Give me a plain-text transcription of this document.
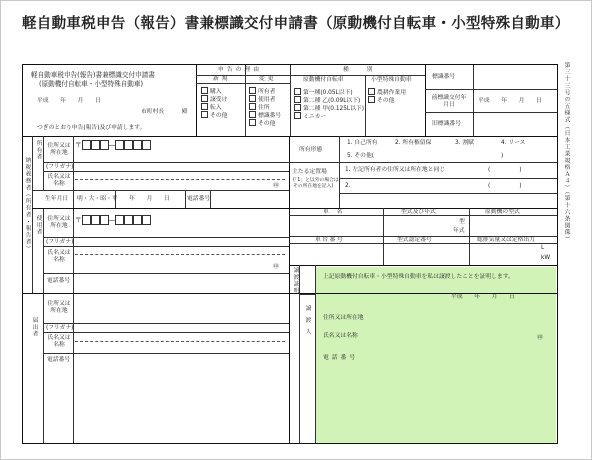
軽自動車税申告（報告）書兼標識交付申請書（原動機付自転車・小型特殊自動車）
第三十三号の五様式（日本工業規格Ａ４）（第十六条関係）
軽自動車税申告(報告)書兼標識交付申請書
(原動機付自転車・小型特殊自動車)
平成　　年　　月　　日
市町村長　　　殿
つぎのとおり申告(報告)及び申請します。
申告の理由
新規	変更
購入
譲受け
転入
その他
所有者
使用者
住所
標識番号
その他
種別
原動機付自転車	小型特殊自動車
第一種(0.05L以下)
第二種 乙(0.09L以下)
第二種 甲(0.125L以下)
ミニカー
農耕作業用
その他
標識番号
前標識交付年月日
平成　　年　　月　　日
旧標識番号
納税義務者（所有者・報告者）
所有者
使用者
届出者
住所又は所在地
〒	―
(フリガナ)
氏名又は名称	㊞
生年月日 明・大・昭・平　　年　　月　　日	電話番号
住所又は所在地
〒	―
(フリガナ)
氏名又は名称
㊞
電話番号
住所又は所在地
(フリガナ)
氏名又は名称
電話番号
所有形態
1. 自己所有	2. 所有権留保	3. 割賦	4. リース
5. その他(	)
主たる定置場
(「1」と以外の場合はその所在地を記入)
1. 左記所有者の住所又は所在地と同じ	(　　　　　)
2.	(　　　　　)
車名	型式及び年式	原動機の型式
型
年式
車台番号	型式認定番号	総排気量又は定格出力
L
kW
譲渡証明
譲渡人
上記原動機付自転車・小型特殊自動車を私は譲渡したことを証明します。
平成　　年　　月　　日
住所又は所在地
氏名又は名称	㊞
電話番号
